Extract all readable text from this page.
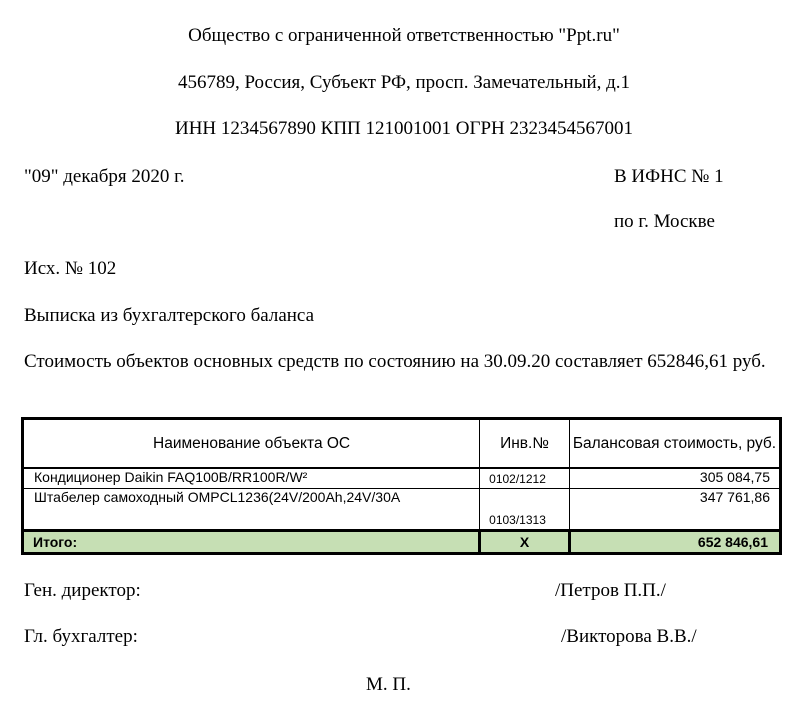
Общество с ограниченной ответственностью "Ppt.ru"
456789, Россия, Субъект РФ, просп. Замечательный, д.1
ИНН 1234567890 КПП 121001001 ОГРН 2323454567001
"09" декабря 2020 г.	В ИФНС № 1
по г. Москве
Исх. № 102
Выписка из бухгалтерского баланса
Стоимость объектов основных средств по состоянию на 30.09.20 составляет 652846,61 руб.
Наименование объекта ОС	Инв.№	Балансовая стоимость, руб.
Кондиционер Daikin FAQ100B/RR100R/W²	0102/1212	305 084,75
Штабелер самоходный OMPCL1236(24V/200Ah,24V/30A	0103/1313	347 761,86
Итого:	X	652 846,61
Ген. директор:	/Петров П.П./
Гл. бухгалтер:	/Викторова В.В./
М. П.
